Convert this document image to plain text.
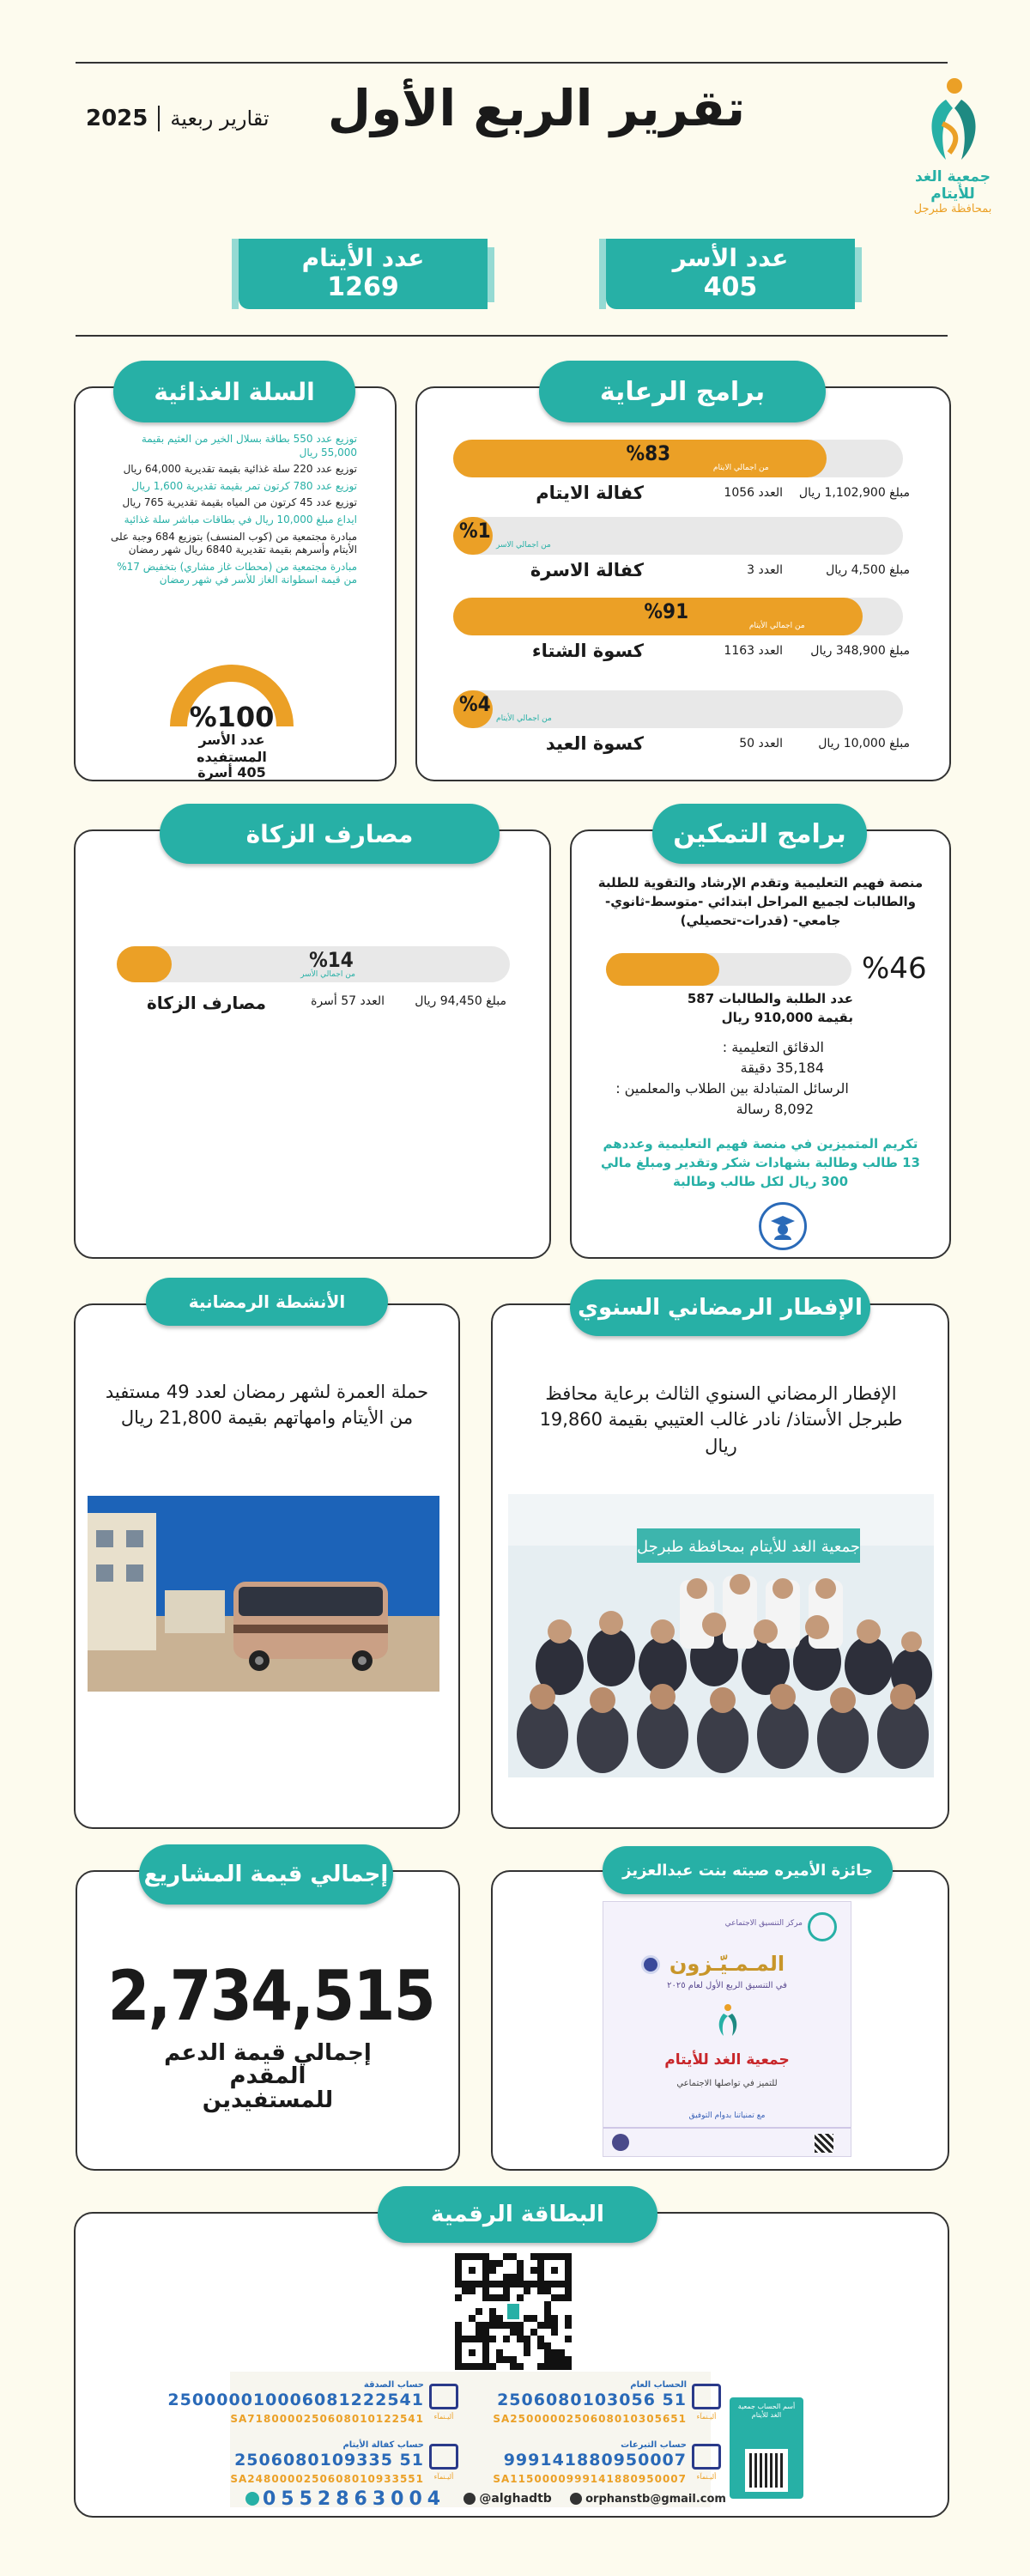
جمعية الغد للأيتام
بمحافظة طبرجل
تقرير الربع الأول
2025 تقارير ربعية
عدد الأسر
405
عدد الأيتام
1269
برامج الرعاية
%83
من اجمالي الايتام
مبلغ 1,102,900 ريال
العدد 1056
كفالة الايتام
%1
من اجمالي الاسر
مبلغ 4,500 ريال
العدد 3
كفالة الاسرة
%91
من اجمالي الأيتام
مبلغ 348,900 ريال
العدد 1163
كسوة الشتاء
%4
من اجمالي الأيتام
مبلغ 10,000 ريال
العدد 50
كسوة العيد
السلة الغذائية
توزيع عدد 550 بطاقة بسلال الخير من العثيم بقيمة 55,000 ريال
توزيع عدد 220 سلة غذائية بقيمة تقديرية 64,000 ريال
توزيع عدد 780 كرتون تمر بقيمة تقديرية 1,600 ريال
توزيع عدد 45 كرتون من المياه بقيمة تقديرية 765 ريال
ايداع مبلغ 10,000 ريال في بطاقات مباشر سلة غذائية
مبادرة مجتمعية من (كوب المنسف) بتوزيع 684 وجبة على الأيتام وأسرهم بقيمة تقديرية 6840 ريال شهر رمضان
مبادرة مجتمعية من (محطات غاز مشاري) بتخفيض 17% من قيمة اسطوانة الغاز للأسر في شهر رمضان
%100
عدد الأسر المستفيده
405 أسرة
برامج التمكين
منصة فهيم التعليمية وتقدم الإرشاد والتقوية للطلبة والطالبات لجميع المراحل ابتدائي -متوسط-ثانوي-جامعي- (قدرات-تحصيلي)
%46
عدد الطلبة والطالبات 587
بقيمة 910,000 ريال
الدقائق التعليمية :
35,184 دقيقة
الرسائل المتبادلة بين الطلاب والمعلمين :
8,092 رسالة
تكريم المتميزين في منصة فهيم التعليمية وعددهم 13 طالب وطالبة بشهادات شكر وتقدير ومبلغ مالي 300 ريال لكل طالب وطالبة
مصارف الزكاة
%14
من اجمالي الأسر
مبلغ 94,450 ريال
العدد 57 أسرة
مصارف الزكاة
الإفطار الرمضاني السنوي
الإفطار الرمضاني السنوي الثالث برعاية محافظ طبرجل الأستاذ/ نادر غالب العتيبي بقيمة 19,860 ريال
جمعية الغد للأيتام بمحافظة طبرجل
الأنشطة الرمضانية
حملة العمرة لشهر رمضان لعدد 49 مستفيد من الأيتام وامهاتهم بقيمة 21,800 ريال
إجمالي قيمة المشاريع
2,734,515
إجمالي قيمة الدعم المقدم للمستفيدين
جائزة الأميره صيته بنت عبدالعزيز
مركز التنسيق الاجتماعي
المـمـيّـزون
في التنسيق الربع الأول لعام ٢٠٢٥
جمعية الغد للأيتام
للتميز في تواصلها الاجتماعي
مع تمنياتنا بدوام التوفيق
البطاقة الرقمية
الحساب العام
أليـنمآء
2506080103056 51
SA2500000250608010305651
حساب الصدقة
أليـنمآء
250000010006081222541
SA7180000250608010122541
حساب التبرعات
أليـنمآء
999141880950007
SA1150000999141880950007
حساب كفالة الأيتام
أليـنمآء
2506080109335 51
SA2480000250608010933551
0552863004	@alghadtb	orphanstb@gmail.com
أسم الحساب جمعية الغد للأيتام
